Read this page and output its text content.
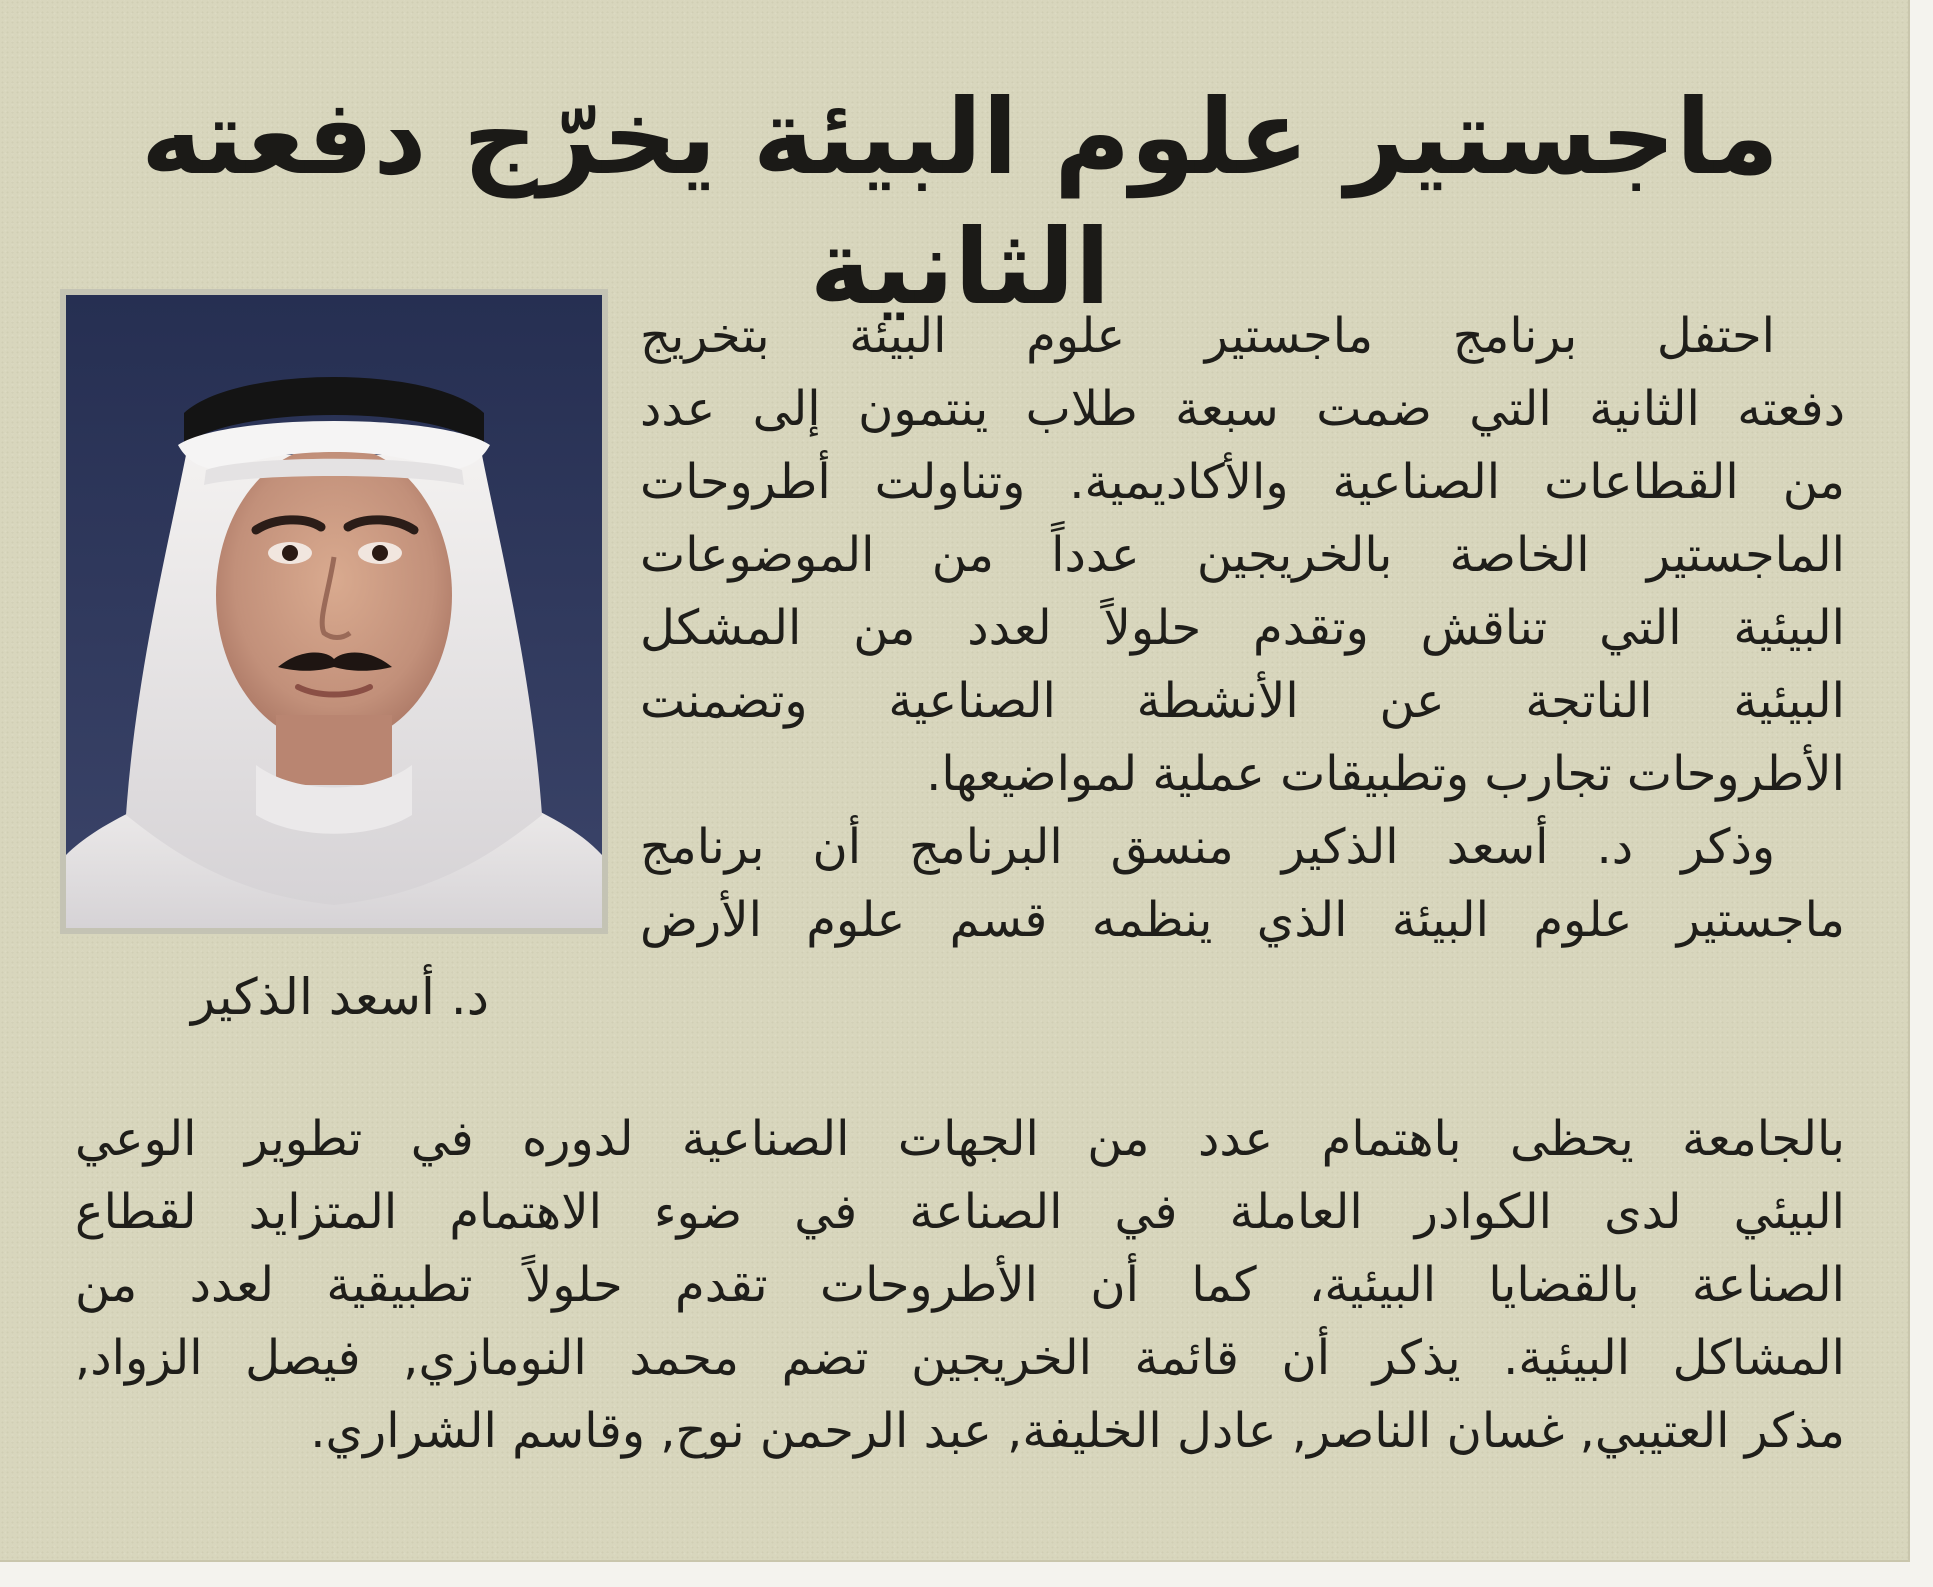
ماجستير علوم البيئة يخرّج دفعته الثانية
د. أسعد الذكير
احتفل برنامج ماجستير علوم البيئة بتخريج
دفعته الثانية التي ضمت سبعة طلاب ينتمون إلى عدد
من القطاعات الصناعية والأكاديمية. وتناولت أطروحات
الماجستير الخاصة بالخريجين عدداً من الموضوعات
البيئية التي تناقش وتقدم حلولاً لعدد من المشكل
البيئية الناتجة عن الأنشطة الصناعية وتضمنت
الأطروحات تجارب وتطبيقات عملية لمواضيعها.
وذكر د. أسعد الذكير منسق البرنامج أن برنامج
ماجستير علوم البيئة الذي ينظمه قسم علوم الأرض
بالجامعة يحظى باهتمام عدد من الجهات الصناعية لدوره في تطوير الوعي
البيئي لدى الكوادر العاملة في الصناعة في ضوء الاهتمام المتزايد لقطاع
الصناعة بالقضايا البيئية، كما أن الأطروحات تقدم حلولاً تطبيقية لعدد من
المشاكل البيئية. يذكر أن قائمة الخريجين تضم محمد النومازي, فيصل الزواد,
مذكر العتيبي, غسان الناصر, عادل الخليفة, عبد الرحمن نوح, وقاسم الشراري.
